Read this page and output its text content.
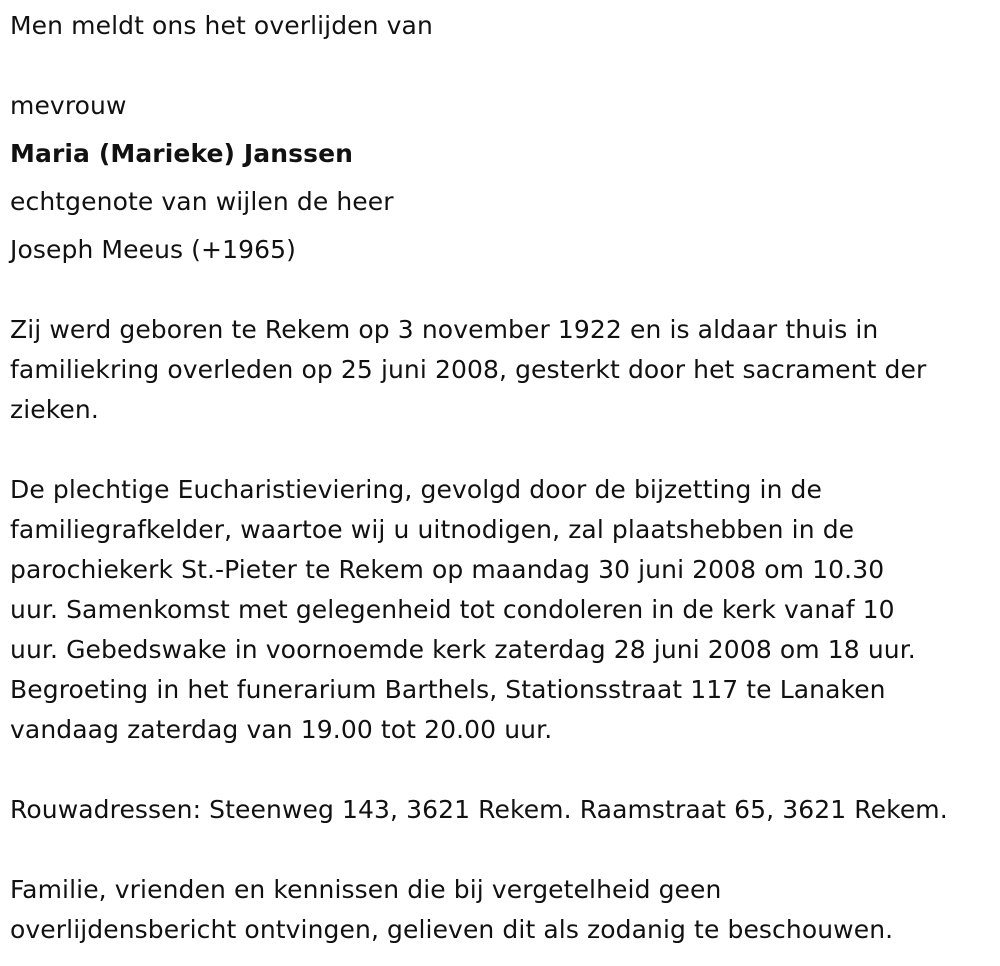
Men meldt ons het overlijden van
mevrouw
Maria (Marieke) Janssen
echtgenote van wijlen de heer
Joseph Meeus (+1965)
Zij werd geboren te Rekem op 3 november 1922 en is aldaar thuis in
familiekring overleden op 25 juni 2008, gesterkt door het sacrament der
zieken.
De plechtige Eucharistieviering, gevolgd door de bijzetting in de
familiegrafkelder, waartoe wij u uitnodigen, zal plaatshebben in de
parochiekerk St.-Pieter te Rekem op maandag 30 juni 2008 om 10.30
uur. Samenkomst met gelegenheid tot condoleren in de kerk vanaf 10
uur. Gebedswake in voornoemde kerk zaterdag 28 juni 2008 om 18 uur.
Begroeting in het funerarium Barthels, Stationsstraat 117 te Lanaken
vandaag zaterdag van 19.00 tot 20.00 uur.
Rouwadressen: Steenweg 143, 3621 Rekem. Raamstraat 65, 3621 Rekem.
Familie, vrienden en kennissen die bij vergetelheid geen
overlijdensbericht ontvingen, gelieven dit als zodanig te beschouwen.
